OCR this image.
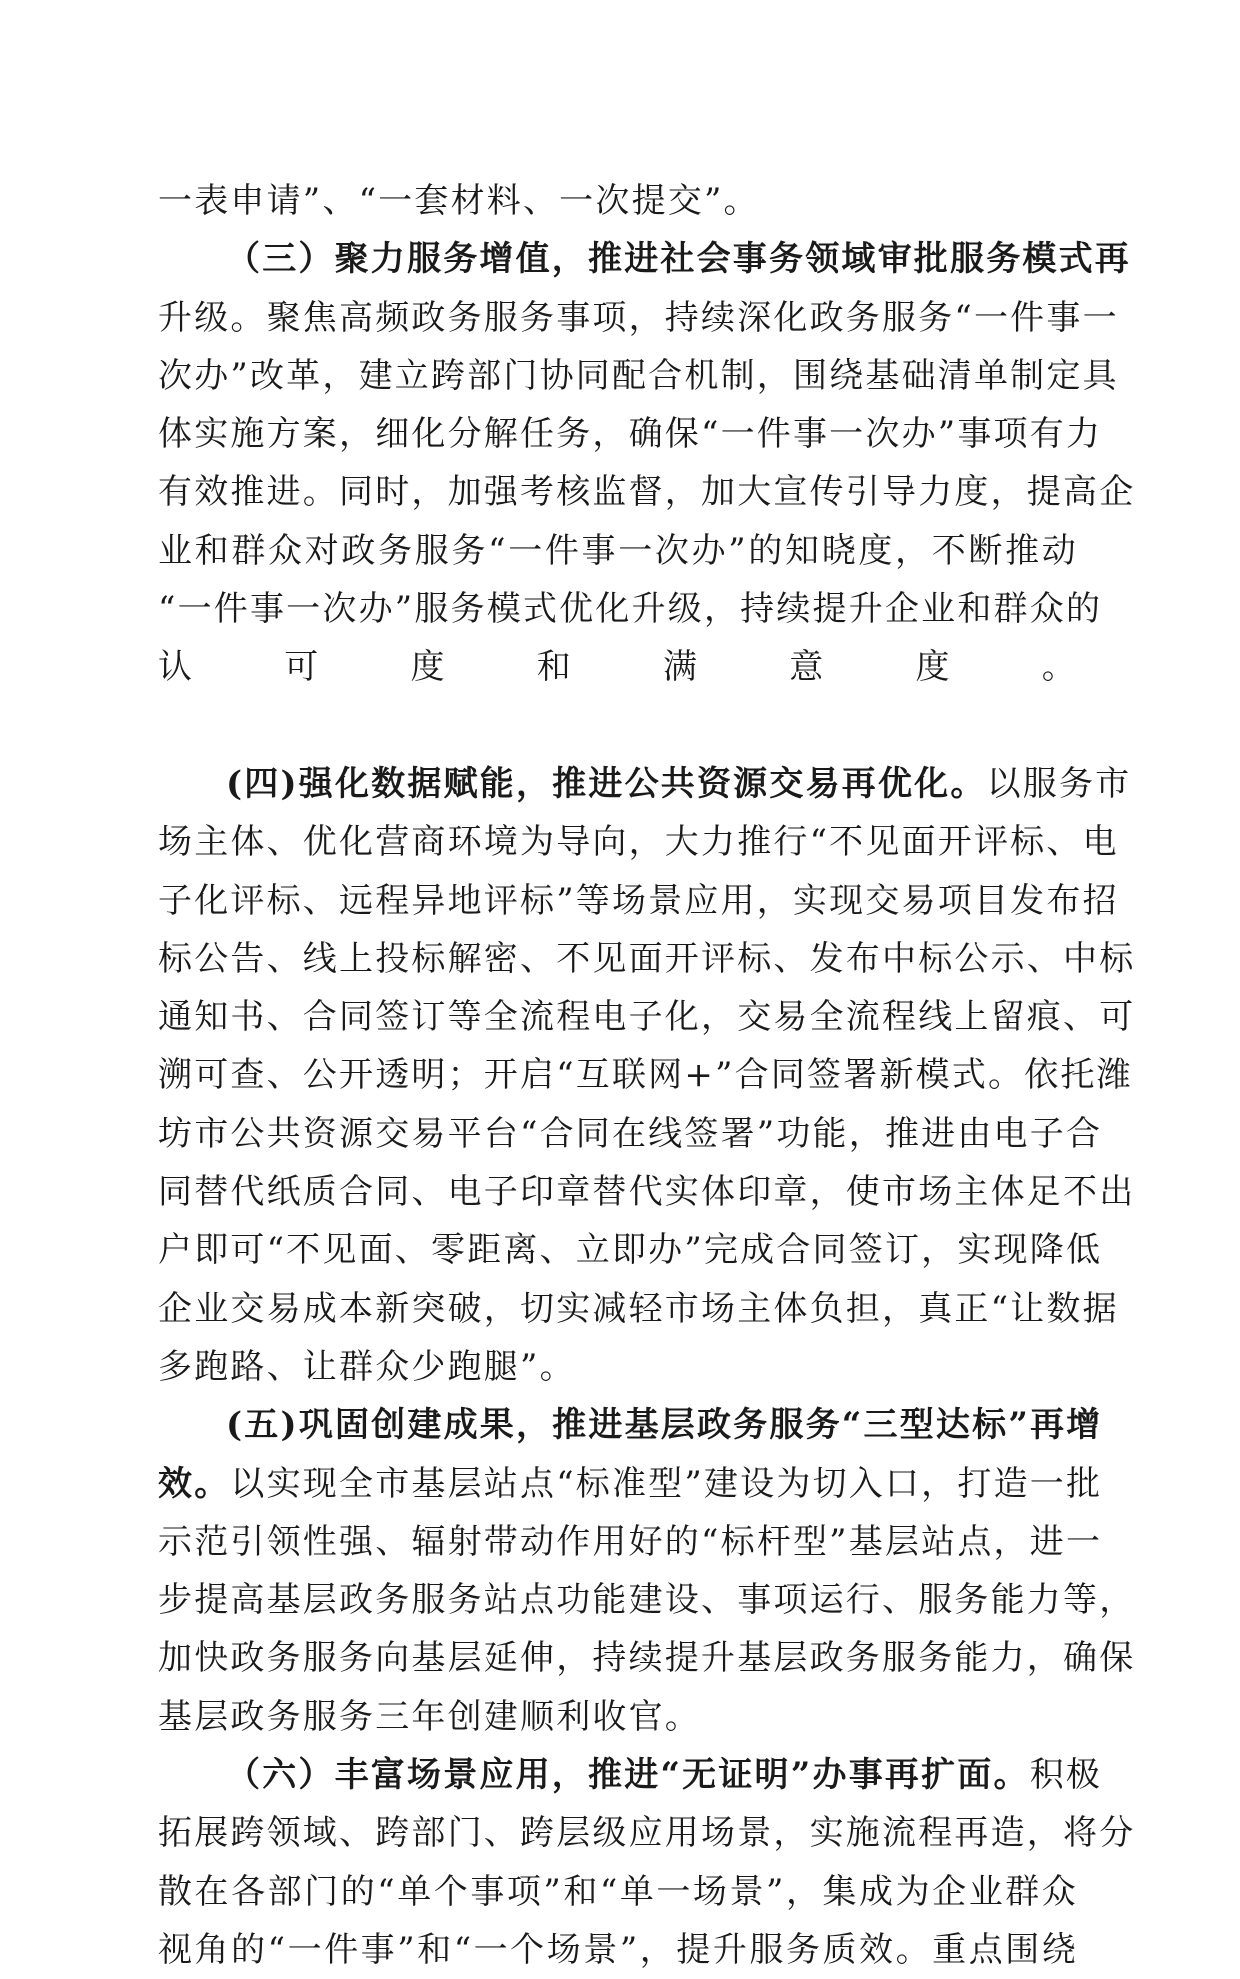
一表申请”、“一套材料、一次提交”。
（三）聚力服务增值，推进社会事务领域审批服务模式再
升级。聚焦高频政务服务事项，持续深化政务服务“一件事一
次办”改革，建立跨部门协同配合机制，围绕基础清单制定具
体实施方案，细化分解任务，确保“一件事一次办”事项有力
有效推进。同时，加强考核监督，加大宣传引导力度，提高企
业和群众对政务服务“一件事一次办”的知晓度，不断推动
“一件事一次办”服务模式优化升级，持续提升企业和群众的
认可度和满意度。
(四)强化数据赋能，推进公共资源交易再优化。以服务市
场主体、优化营商环境为导向，大力推行“不见面开评标、电
子化评标、远程异地评标”等场景应用，实现交易项目发布招
标公告、线上投标解密、不见面开评标、发布中标公示、中标
通知书、合同签订等全流程电子化，交易全流程线上留痕、可
溯可查、公开透明；开启“互联网+”合同签署新模式。依托潍
坊市公共资源交易平台“合同在线签署”功能，推进由电子合
同替代纸质合同、电子印章替代实体印章，使市场主体足不出
户即可“不见面、零距离、立即办”完成合同签订，实现降低
企业交易成本新突破，切实减轻市场主体负担，真正“让数据
多跑路、让群众少跑腿”。
(五)巩固创建成果，推进基层政务服务“三型达标”再增
效。以实现全市基层站点“标准型”建设为切入口，打造一批
示范引领性强、辐射带动作用好的“标杆型”基层站点，进一
步提高基层政务服务站点功能建设、事项运行、服务能力等，
加快政务服务向基层延伸，持续提升基层政务服务能力，确保
基层政务服务三年创建顺利收官。
（六）丰富场景应用，推进“无证明”办事再扩面。积极
拓展跨领域、跨部门、跨层级应用场景，实施流程再造，将分
散在各部门的“单个事项”和“单一场景”，集成为企业群众
视角的“一件事”和“一个场景”，提升服务质效。重点围绕
